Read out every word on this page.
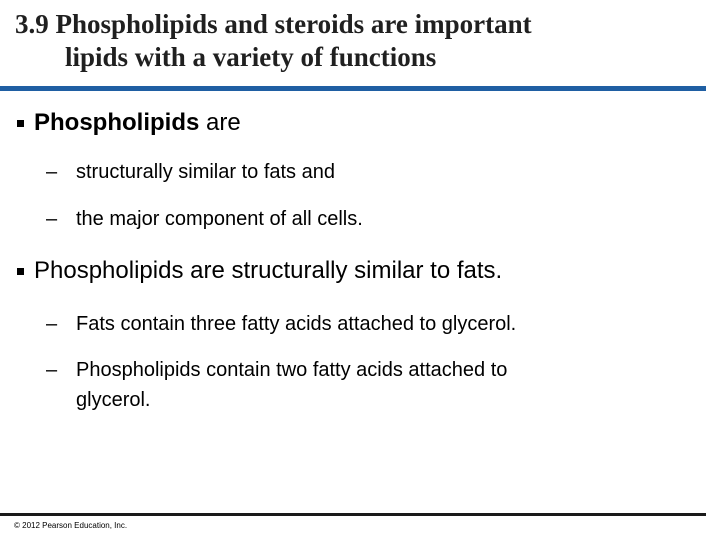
3.9 Phospholipids and steroids are important
lipids with a variety of functions
Phospholipids are
– structurally similar to fats and
– the major component of all cells.
Phospholipids are structurally similar to fats.
– Fats contain three fatty acids attached to glycerol.
– Phospholipids contain two fatty acids attached to glycerol.
© 2012 Pearson Education, Inc.
